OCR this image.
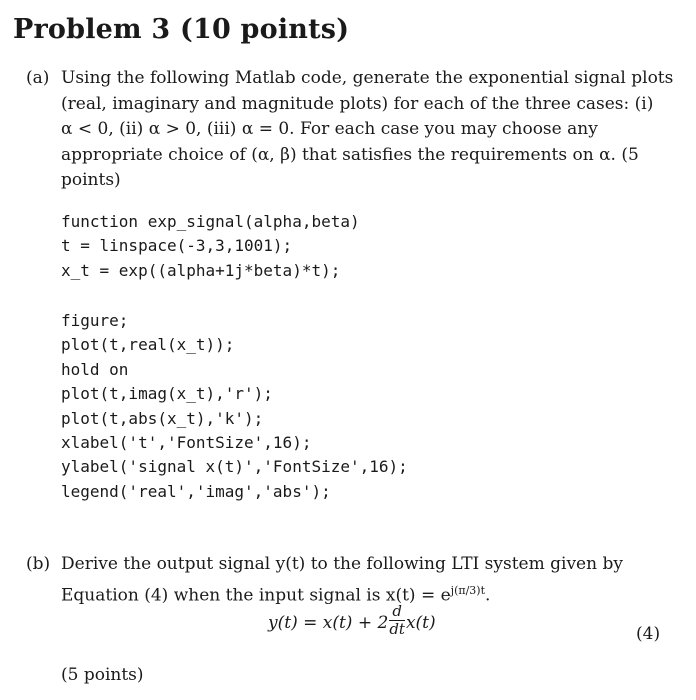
Problem 3 (10 points)
(a) Using the following Matlab code, generate the exponential signal plots
(real, imaginary and magnitude plots) for each of the three cases: (i)
α < 0, (ii) α > 0, (iii) α = 0. For each case you may choose any
appropriate choice of (α, β) that satisfies the requirements on α. (5
points)
function exp_signal(alpha,beta)
t = linspace(-3,3,1001);
x_t = exp((alpha+1j*beta)*t);
figure;
plot(t,real(x_t));
hold on
plot(t,imag(x_t),'r');
plot(t,abs(x_t),'k');
xlabel('t','FontSize',16);
ylabel('signal x(t)','FontSize',16);
legend('real','imag','abs');
(b) Derive the output signal y(t) to the following LTI system given by
Equation (4) when the input signal is $x(t) = e^{j(\pi/3)t}$.
$y(t) = x(t) + 2 \frac{d}{dt} x(t)$
(4)
(5 points)
